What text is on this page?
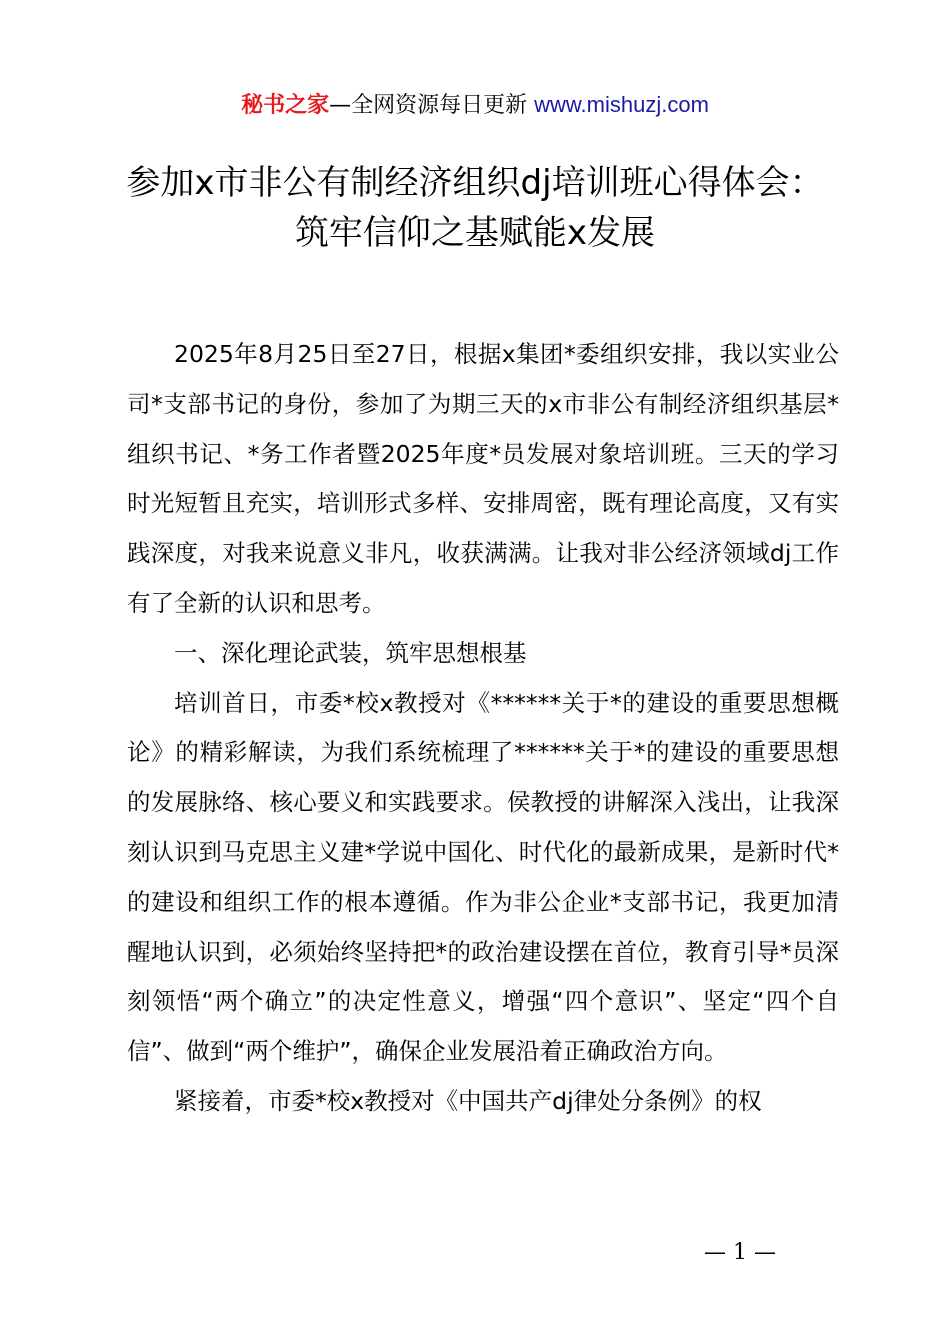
秘书之家—全网资源每日更新 www.mishuzj.com
参加x市非公有制经济组织dj培训班心得体会：
筑牢信仰之基赋能x发展

2025年8月25日至27日，根据x集团*委组织安排，我以实业公司*支部书记的身份，参加了为期三天的x市非公有制经济组织基层*组织书记、*务工作者暨2025年度*员发展对象培训班。三天的学习时光短暂且充实，培训形式多样、安排周密，既有理论高度，又有实践深度，对我来说意义非凡，收获满满。让我对非公经济领域dj工作有了全新的认识和思考。

一、深化理论武装，筑牢思想根基

培训首日，市委*校x教授对《******关于*的建设的重要思想概论》的精彩解读，为我们系统梳理了******关于*的建设的重要思想的发展脉络、核心要义和实践要求。侯教授的讲解深入浅出，让我深刻认识到马克思主义建*学说中国化、时代化的最新成果，是新时代*的建设和组织工作的根本遵循。作为非公企业*支部书记，我更加清醒地认识到，必须始终坚持把*的政治建设摆在首位，教育引导*员深刻领悟“两个确立”的决定性意义，增强“四个意识”、坚定“四个自信”、做到“两个维护”，确保企业发展沿着正确政治方向。

紧接着，市委*校x教授对《中国共产dj律处分条例》的权

— 1 —
